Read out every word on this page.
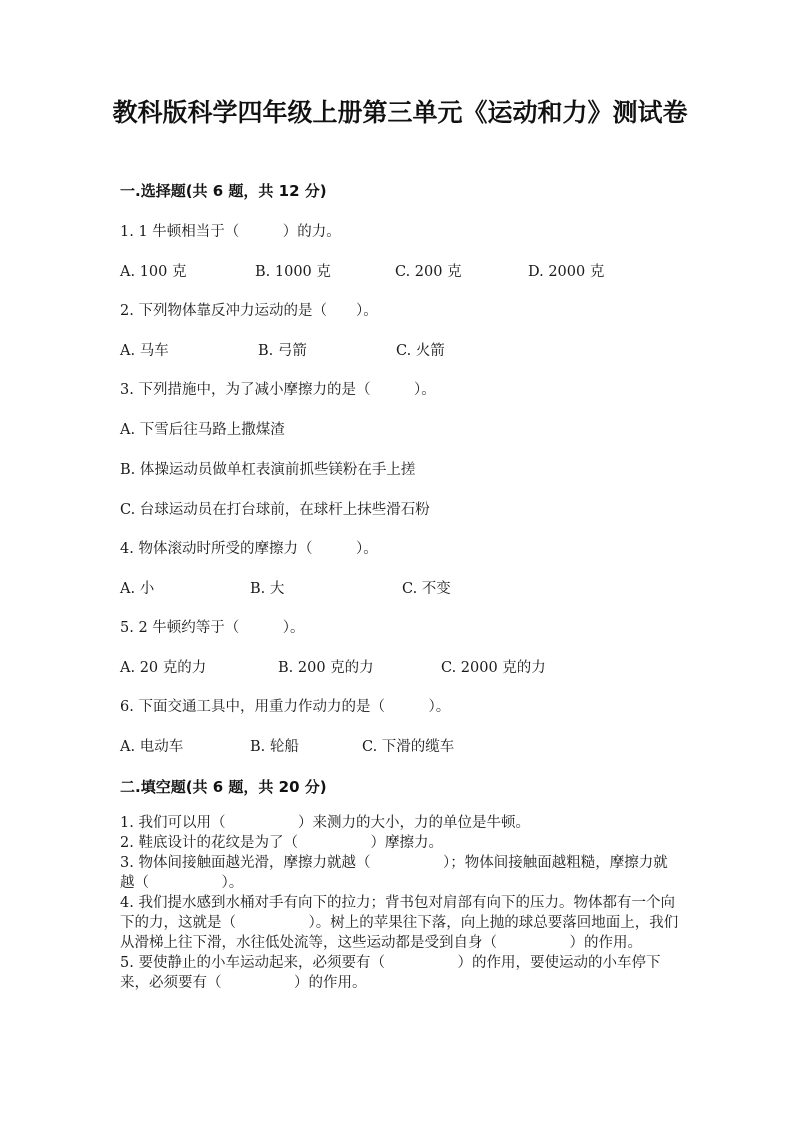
教科版科学四年级上册第三单元《运动和力》测试卷
一.选择题(共 6 题，共 12 分)
1. 1 牛顿相当于（　　　）的力。
A. 100 克	B. 1000 克	C. 200 克	D. 2000 克
2. 下列物体靠反冲力运动的是（　　）。
A. 马车	B. 弓箭	C. 火箭
3. 下列措施中，为了减小摩擦力的是（　　　）。
A. 下雪后往马路上撒煤渣
B. 体操运动员做单杠表演前抓些镁粉在手上搓
C. 台球运动员在打台球前，在球杆上抹些滑石粉
4. 物体滚动时所受的摩擦力（　　　）。
A. 小	B. 大	C. 不变
5. 2 牛顿约等于（　　　）。
A. 20 克的力	B. 200 克的力	C. 2000 克的力
6. 下面交通工具中，用重力作动力的是（　　　）。
A. 电动车	B. 轮船	C. 下滑的缆车
二.填空题(共 6 题，共 20 分)

1. 我们可以用（　　　　　）来测力的大小，力的单位是牛顿。

2. 鞋底设计的花纹是为了（　　　　　）摩擦力。

3. 物体间接触面越光滑，摩擦力就越（　　　　　）；物体间接触面越粗糙，摩擦力就越（　　　　　）。

4. 我们提水感到水桶对手有向下的拉力；背书包对肩部有向下的压力。物体都有一个向下的力，这就是（　　　　　）。树上的苹果往下落，向上抛的球总要落回地面上，我们从滑梯上往下滑，水往低处流等，这些运动都是受到自身（　　　　　）的作用。

5. 要使静止的小车运动起来，必须要有（　　　　　）的作用，要使运动的小车停下来，必须要有（　　　　　）的作用。
